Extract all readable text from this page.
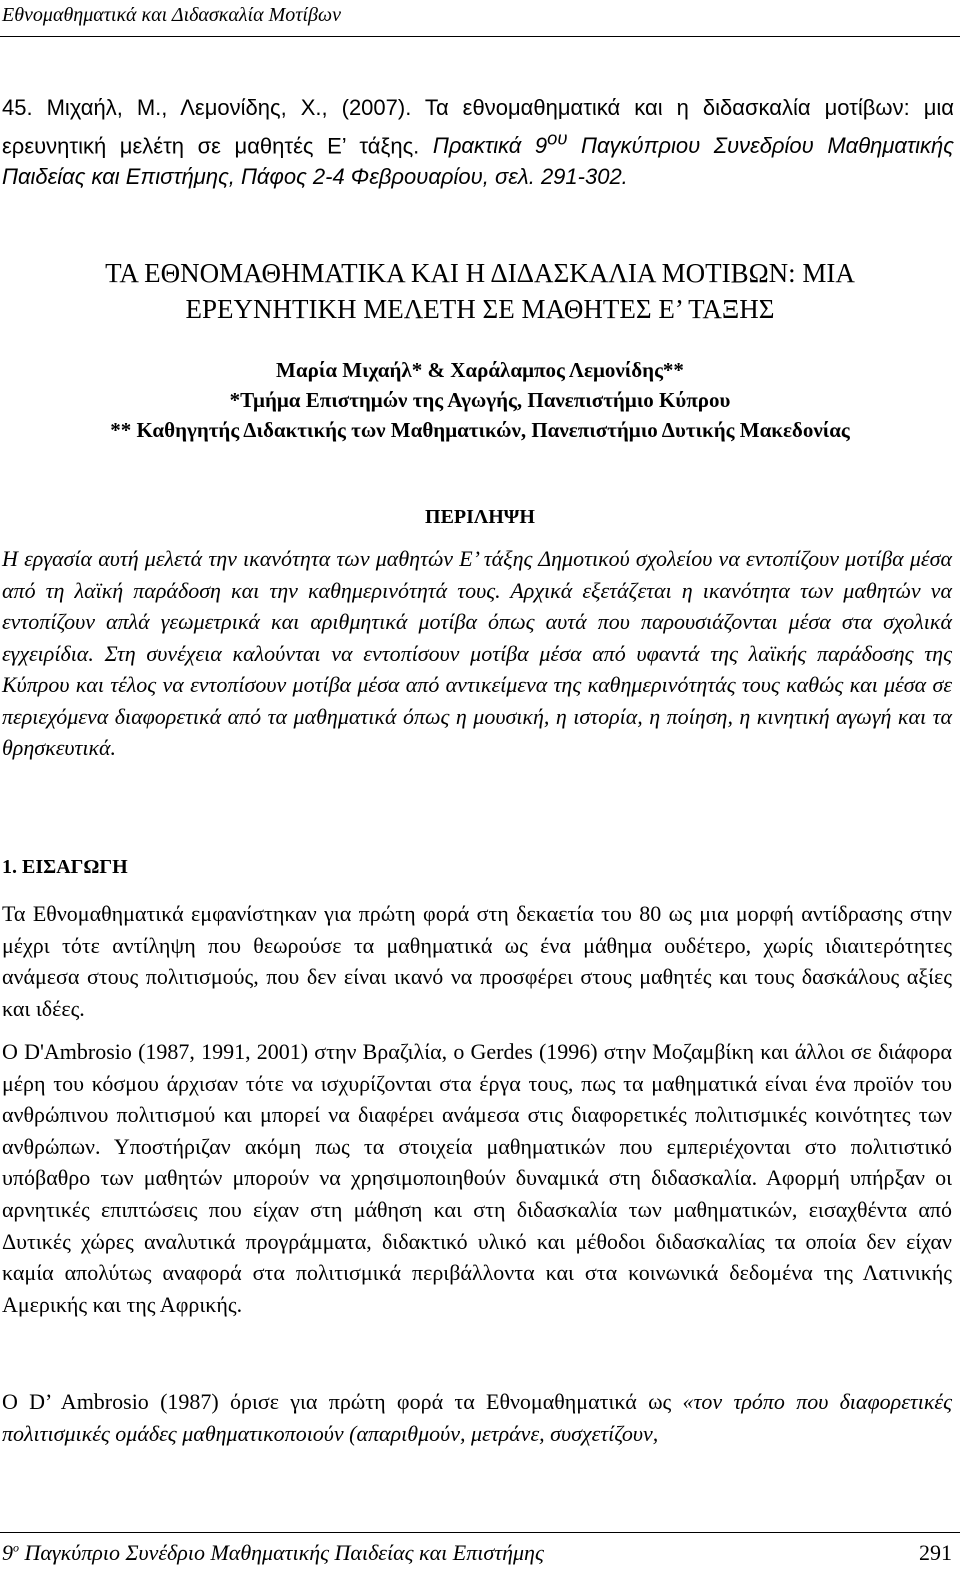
Εθνομαθηματικά και Διδασκαλία Μοτίβων
45. Μιχαήλ, Μ., Λεμονίδης, Χ., (2007). Τα εθνομαθηματικά και η διδασκαλία μοτίβων: μια ερευνητική μελέτη σε μαθητές Ε’ τάξης. Πρακτικά $9^{o\upsilon}$ Παγκύπριου Συνεδρίου Μαθηματικής Παιδείας και Επιστήμης, Πάφος 2-4 Φεβρουαρίου, σελ. 291-302.
ΤΑ ΕΘΝΟΜΑΘΗΜΑΤΙΚΑ ΚΑΙ Η ΔΙΔΑΣΚΑΛΙΑ ΜΟΤΙΒΩΝ: ΜΙΑ
ΕΡΕΥΝΗΤΙΚΗ ΜΕΛΕΤΗ ΣΕ ΜΑΘΗΤΕΣ Ε’ ΤΑΞΗΣ
Μαρία Μιχαήλ* & Χαράλαμπος Λεμονίδης**
*Τμήμα Επιστημών της Αγωγής, Πανεπιστήμιο Κύπρου
** Καθηγητής Διδακτικής των Μαθηματικών, Πανεπιστήμιο Δυτικής Μακεδονίας
ΠΕΡΙΛΗΨΗ

Η εργασία αυτή μελετά την ικανότητα των μαθητών Ε’ τάξης Δημοτικού σχολείου να εντοπίζουν μοτίβα μέσα από τη λαϊκή παράδοση και την καθημερινότητά τους. Αρχικά εξετάζεται η ικανότητα των μαθητών να εντοπίζουν απλά γεωμετρικά και αριθμητικά μοτίβα όπως αυτά που παρουσιάζονται μέσα στα σχολικά εγχειρίδια. Στη συνέχεια καλούνται να εντοπίσουν μοτίβα μέσα από υφαντά της λαϊκής παράδοσης της Κύπρου και τέλος να εντοπίσουν μοτίβα μέσα από αντικείμενα της καθημερινότητάς τους καθώς και μέσα σε περιεχόμενα διαφορετικά από τα μαθηματικά όπως η μουσική, η ιστορία, η ποίηση, η κινητική αγωγή και τα θρησκευτικά.

1. ΕΙΣΑΓΩΓΗ

Τα Εθνομαθηματικά εμφανίστηκαν για πρώτη φορά στη δεκαετία του 80 ως μια μορφή αντίδρασης στην μέχρι τότε αντίληψη που θεωρούσε τα μαθηματικά ως ένα μάθημα ουδέτερο, χωρίς ιδιαιτερότητες ανάμεσα στους πολιτισμούς, που δεν είναι ικανό να προσφέρει στους μαθητές και τους δασκάλους αξίες και ιδέες.

Ο D'Ambrosio (1987, 1991, 2001) στην Βραζιλία, ο Gerdes (1996) στην Μοζαμβίκη και άλλοι σε διάφορα μέρη του κόσμου άρχισαν τότε να ισχυρίζονται στα έργα τους, πως τα μαθηματικά είναι ένα προϊόν του ανθρώπινου πολιτισμού και μπορεί να διαφέρει ανάμεσα στις διαφορετικές πολιτισμικές κοινότητες των ανθρώπων. Υποστήριζαν ακόμη πως τα στοιχεία μαθηματικών που εμπεριέχονται στο πολιτιστικό υπόβαθρο των μαθητών μπορούν να χρησιμοποιηθούν δυναμικά στη διδασκαλία. Αφορμή υπήρξαν οι αρνητικές επιπτώσεις που είχαν στη μάθηση και στη διδασκαλία των μαθηματικών, εισαχθέντα από Δυτικές χώρες αναλυτικά προγράμματα, διδακτικό υλικό και μέθοδοι διδασκαλίας τα οποία δεν είχαν καμία απολύτως αναφορά στα πολιτισμικά περιβάλλοντα και στα κοινωνικά δεδομένα της Λατινικής Αμερικής και της Αφρικής.

Ο D’ Ambrosio (1987) όρισε για πρώτη φορά τα Εθνομαθηματικά ως «τον τρόπο που διαφορετικές πολιτισμικές ομάδες μαθηματικοποιούν (απαριθμούν, μετράνε, συσχετίζουν,

$9^o$ Παγκύπριο Συνέδριο Μαθηματικής Παιδείας και Επιστήμης	291
